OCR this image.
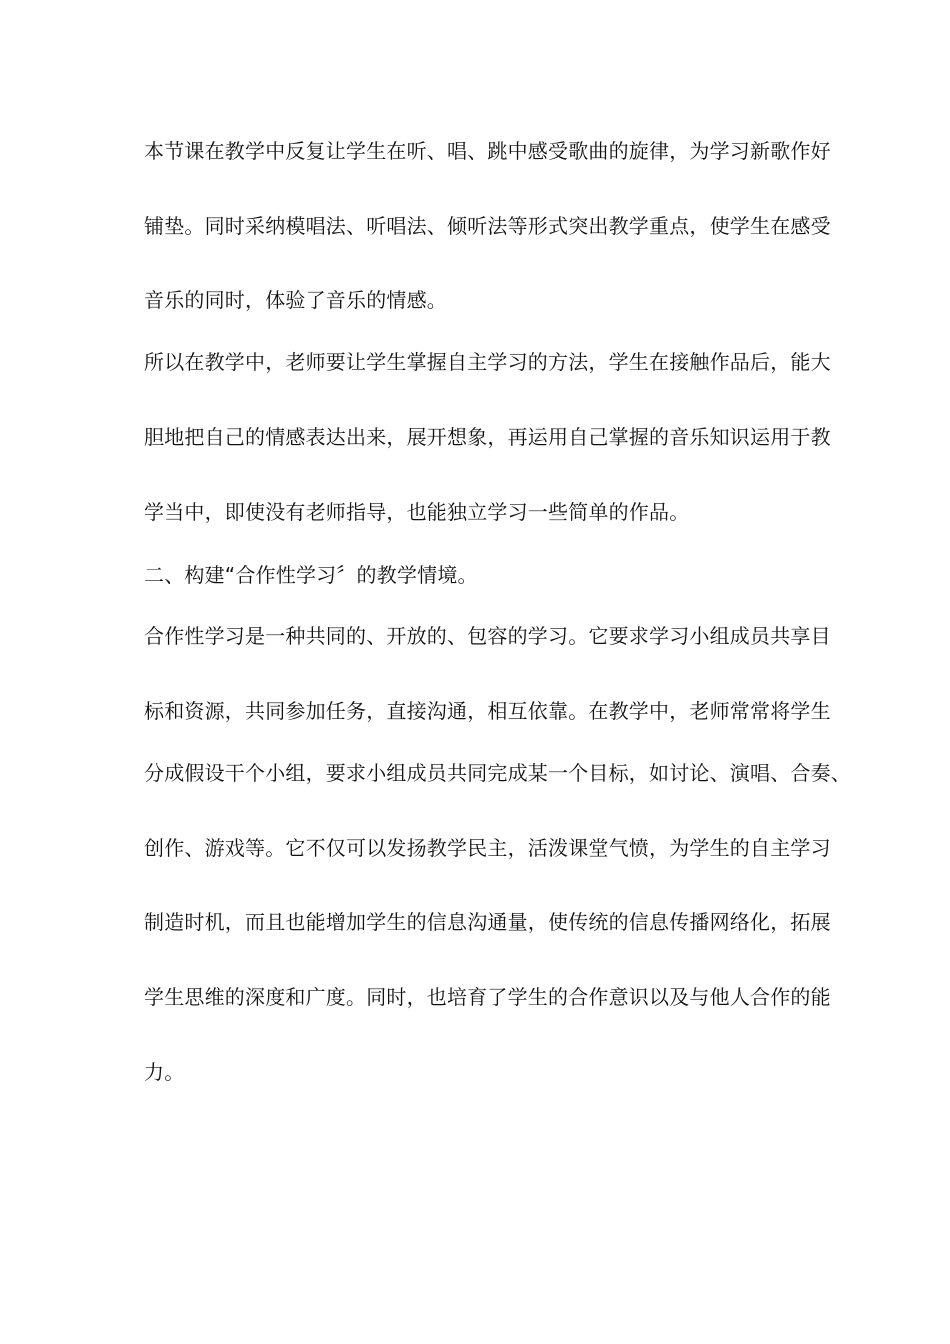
本节课在教学中反复让学生在听、唱、跳中感受歌曲的旋律，为学习新歌作好
铺垫。同时采纳模唱法、听唱法、倾听法等形式突出教学重点，使学生在感受
音乐的同时，体验了音乐的情感。
所以在教学中，老师要让学生掌握自主学习的方法，学生在接触作品后，能大
胆地把自己的情感表达出来，展开想象，再运用自己掌握的音乐知识运用于教
学当中，即使没有老师指导，也能独立学习一些简单的作品。
二、构建“合作性学习〞的教学情境。
合作性学习是一种共同的、开放的、包容的学习。它要求学习小组成员共享目
标和资源，共同参加任务，直接沟通，相互依靠。在教学中，老师常常将学生
分成假设干个小组，要求小组成员共同完成某一个目标，如讨论、演唱、合奏、
创作、游戏等。它不仅可以发扬教学民主，活泼课堂气愤，为学生的自主学习
制造时机，而且也能增加学生的信息沟通量，使传统的信息传播网络化，拓展
学生思维的深度和广度。同时，也培育了学生的合作意识以及与他人合作的能
力。
